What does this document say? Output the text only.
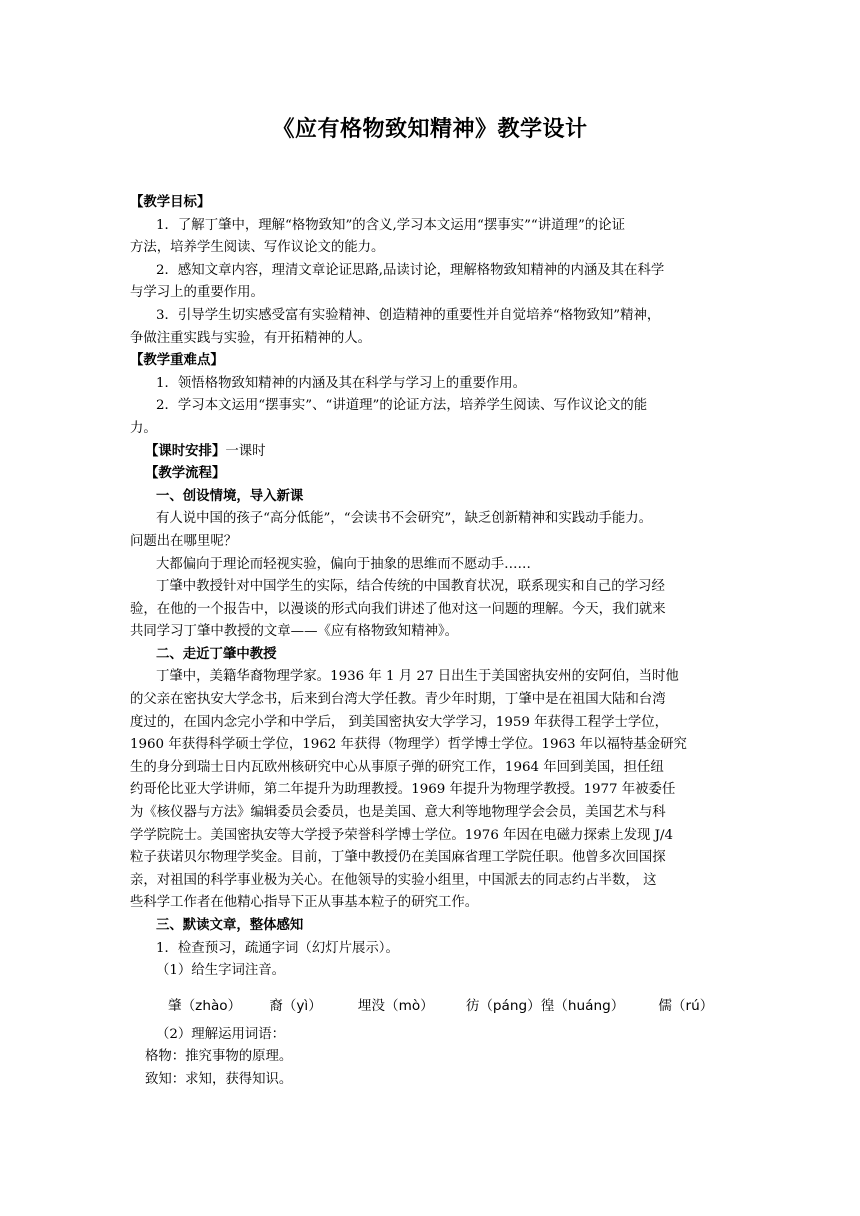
《应有格物致知精神》教学设计
【教学目标】
1．了解丁肇中，理解“格物致知”的含义,学习本文运用“摆事实”“讲道理”的论证
方法，培养学生阅读、写作议论文的能力。
2．感知文章内容，理清文章论证思路,品读讨论，理解格物致知精神的内涵及其在科学
与学习上的重要作用。
3．引导学生切实感受富有实验精神、创造精神的重要性并自觉培养“格物致知”精神，
争做注重实践与实验，有开拓精神的人。
【教学重难点】
1．领悟格物致知精神的内涵及其在科学与学习上的重要作用。
2．学习本文运用“摆事实”、“讲道理”的论证方法，培养学生阅读、写作议论文的能
力。
【课时安排】一课时
【教学流程】
一、创设情境，导入新课
有人说中国的孩子“高分低能”，“会读书不会研究”，缺乏创新精神和实践动手能力。
问题出在哪里呢？
大都偏向于理论而轻视实验，偏向于抽象的思维而不愿动手……
丁肇中教授针对中国学生的实际，结合传统的中国教育状况，联系现实和自己的学习经
验，在他的一个报告中，以漫谈的形式向我们讲述了他对这一问题的理解。今天，我们就来
共同学习丁肇中教授的文章——《应有格物致知精神》。
二、走近丁肇中教授
丁肇中，美籍华裔物理学家。1936 年 1 月 27 日出生于美国密执安州的安阿伯，当时他
的父亲在密执安大学念书，后来到台湾大学任教。青少年时期，丁肇中是在祖国大陆和台湾
度过的，在国内念完小学和中学后， 到美国密执安大学学习，1959 年获得工程学士学位，
1960 年获得科学硕士学位，1962 年获得（物理学）哲学博士学位。1963 年以福特基金研究
生的身分到瑞士日内瓦欧州核研究中心从事原子弹的研究工作，1964 年回到美国，担任纽
约哥伦比亚大学讲师，第二年提升为助理教授。1969 年提升为物理学教授。1977 年被委任
为《核仪器与方法》编辑委员会委员，也是美国、意大利等地物理学会会员，美国艺术与科
学学院院士。美国密执安等大学授予荣誉科学博士学位。1976 年因在电磁力探索上发现 J/4
粒子获诺贝尔物理学奖金。目前，丁肇中教授仍在美国麻省理工学院任职。他曾多次回国探
亲，对祖国的科学事业极为关心。在他领导的实验小组里，中国派去的同志约占半数， 这
些科学工作者在他精心指导下正从事基本粒子的研究工作。
三、默读文章，整体感知
1．检查预习，疏通字词（幻灯片展示）。
（1）给生字词注音。
肇（zhào） 裔（yì）	埋没（mò） 彷（páng）徨（huáng）	儒（rú）
（2）理解运用词语：
格物：推究事物的原理。
致知：求知，获得知识。
